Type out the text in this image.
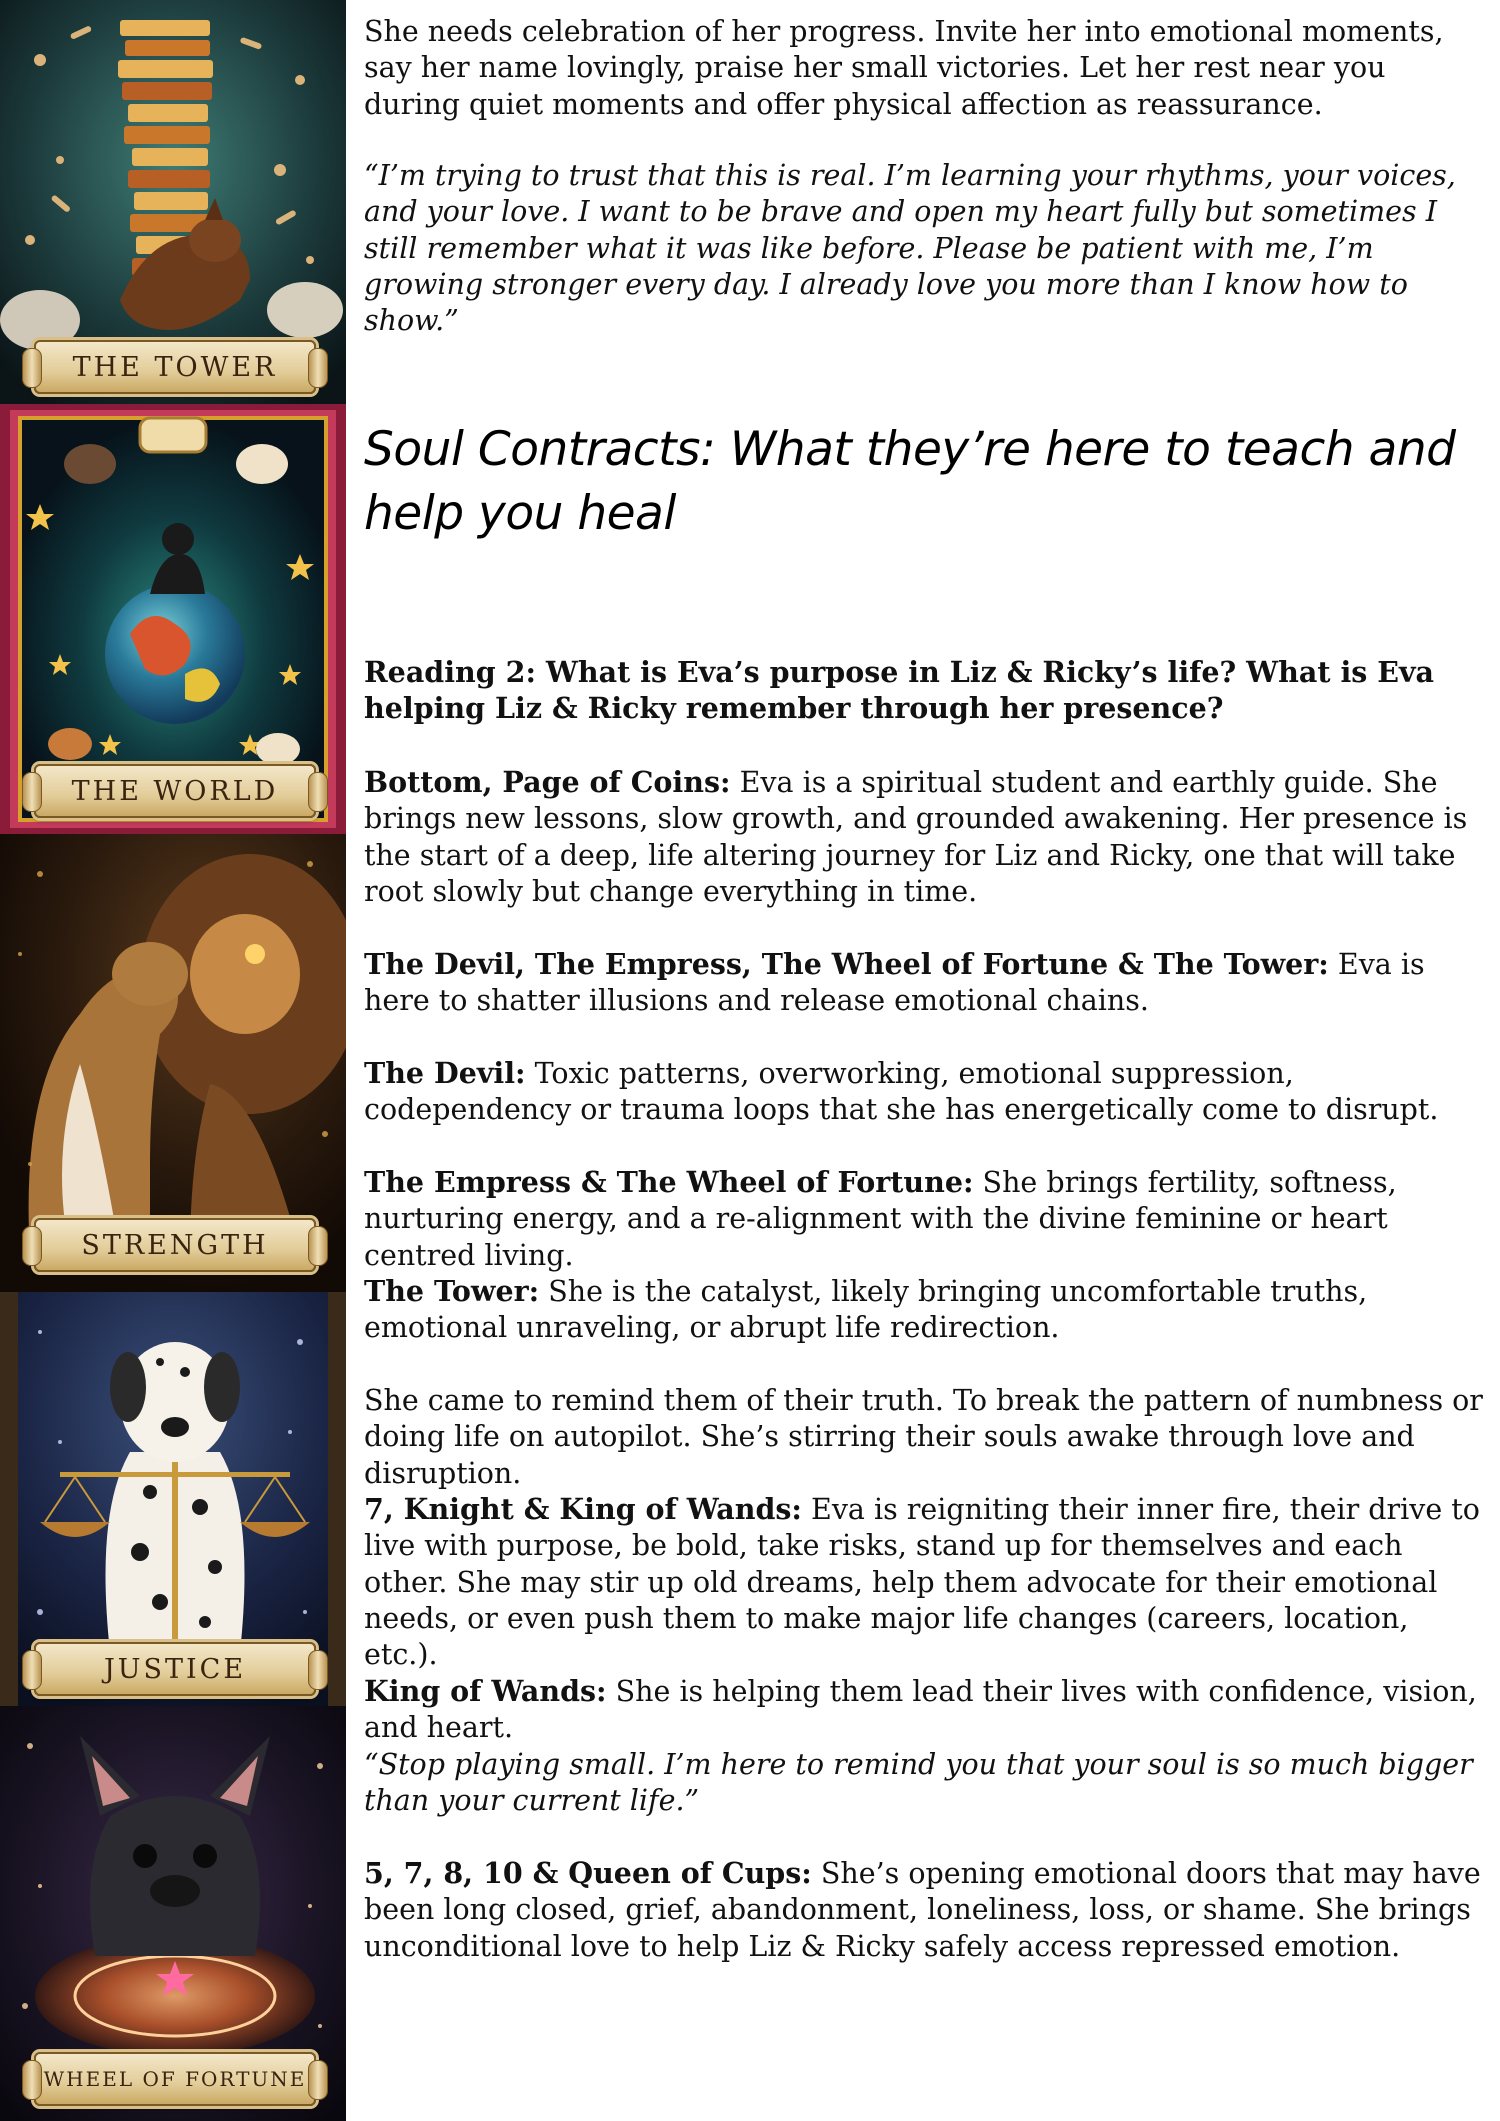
THE TOWER
THE WORLD
STRENGTH
JUSTICE
WHEEL OF FORTUNE

She needs celebration of her progress. Invite her into emotional moments, say her name lovingly, praise her small victories. Let her rest near you during quiet moments and offer physical affection as reassurance.

“I’m trying to trust that this is real. I’m learning your rhythms, your voices, and your love. I want to be brave and open my heart fully but sometimes I still remember what it was like before. Please be patient with me, I’m growing stronger every day. I already love you more than I know how to show.”

Soul Contracts: What they’re here to teach and help you heal

Reading 2: What is Eva’s purpose in Liz & Ricky’s life? What is Eva helping Liz & Ricky remember through her presence?

Bottom, Page of Coins: Eva is a spiritual student and earthly guide. She brings new lessons, slow growth, and grounded awakening. Her presence is the start of a deep, life altering journey for Liz and Ricky, one that will take root slowly but change everything in time.

The Devil, The Empress, The Wheel of Fortune & The Tower: Eva is here to shatter illusions and release emotional chains.

The Devil: Toxic patterns, overworking, emotional suppression, codependency or trauma loops that she has energetically come to disrupt.

The Empress & The Wheel of Fortune: She brings fertility, softness, nurturing energy, and a re-alignment with the divine feminine or heart centred living.

The Tower: She is the catalyst, likely bringing uncomfortable truths, emotional unraveling, or abrupt life redirection.

She came to remind them of their truth. To break the pattern of numbness or doing life on autopilot. She’s stirring their souls awake through love and disruption.

7, Knight & King of Wands: Eva is reigniting their inner fire, their drive to live with purpose, be bold, take risks, stand up for themselves and each other. She may stir up old dreams, help them advocate for their emotional needs, or even push them to make major life changes (careers, location, etc.).

King of Wands: She is helping them lead their lives with confidence, vision, and heart.
“Stop playing small. I’m here to remind you that your soul is so much bigger than your current life.”

5, 7, 8, 10 & Queen of Cups: She’s opening emotional doors that may have been long closed, grief, abandonment, loneliness, loss, or shame. She brings unconditional love to help Liz & Ricky safely access repressed emotion.
